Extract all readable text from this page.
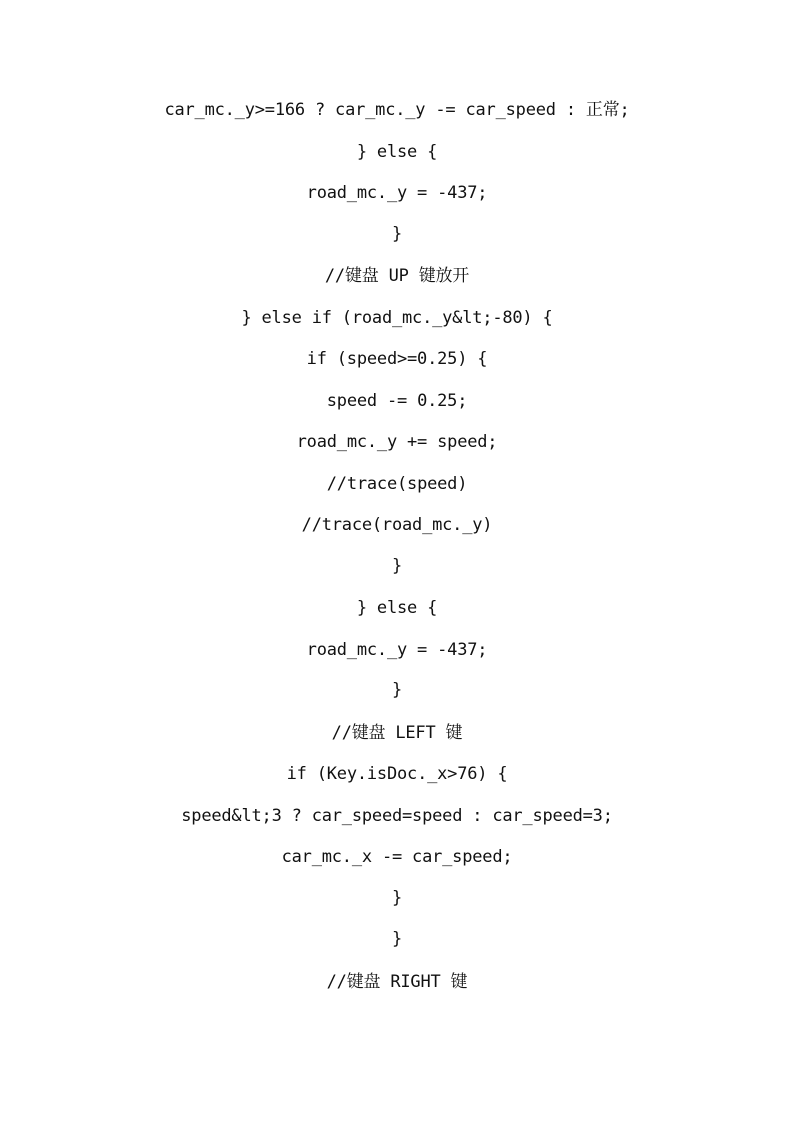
car_mc._y>=166 ? car_mc._y -= car_speed : 正常;
} else {
road_mc._y = -437;
}
//键盘 UP 键放开
} else if (road_mc._y&lt;-80) {
if (speed>=0.25) {
speed -= 0.25;
road_mc._y += speed;
//trace(speed)
//trace(road_mc._y)
}
} else {
road_mc._y = -437;
}
//键盘 LEFT 键
if (Key.isDoc._x>76) {
speed&lt;3 ? car_speed=speed : car_speed=3;
car_mc._x -= car_speed;
}
}
//键盘 RIGHT 键
